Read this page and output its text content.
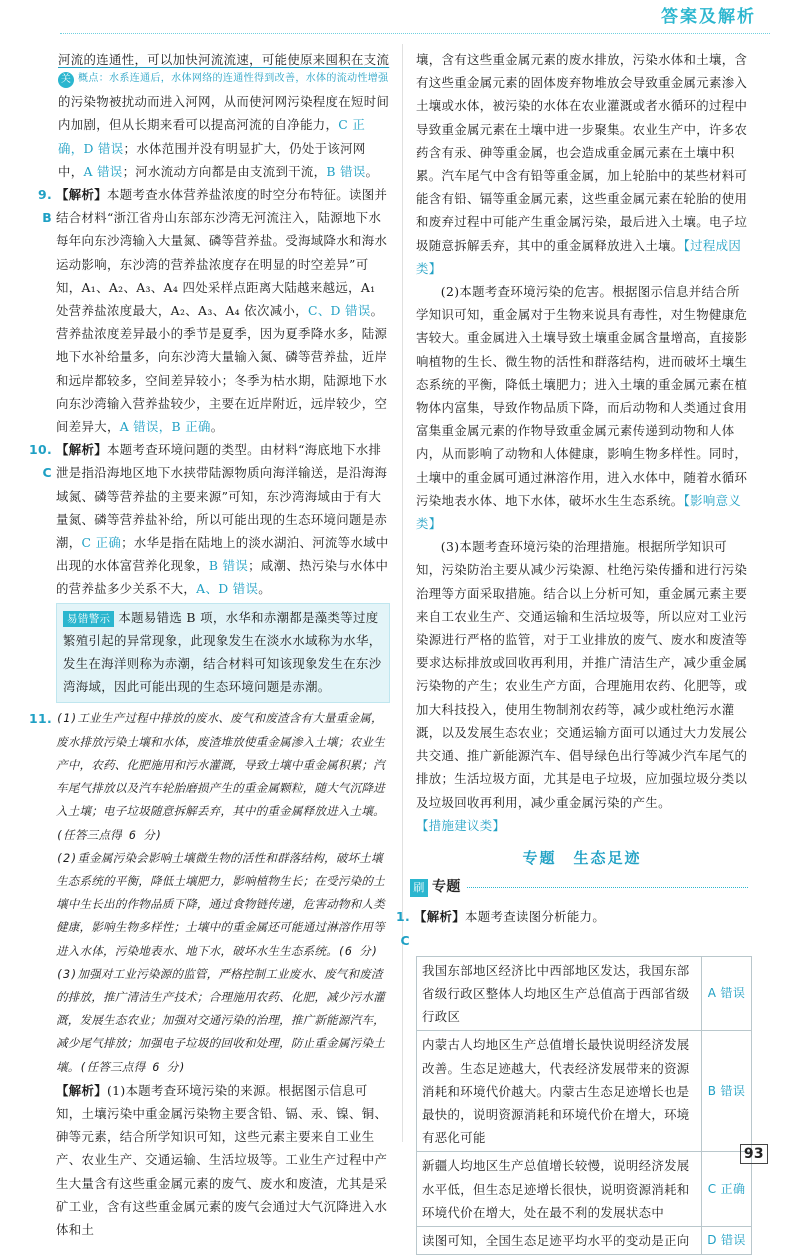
答案及解析

河流的连通性，可以加快河流流速，可能使原来囤积在支流

关 概点：水系连通后，水体网络的连通性得到改善，水体的流动性增强

的污染物被扰动而进入河网，从而使河网污染程度在短时间内加剧，但从长期来看可以提高河流的自净能力，C 正确，D 错误；水体范围并没有明显扩大，仍处于该河网中，A 错误；河水流动方向都是由支流到干流，B 错误。

9. B

【解析】本题考查水体营养盐浓度的时空分布特征。读图并结合材料“浙江省舟山东部东沙湾无河流注入，陆源地下水每年向东沙湾输入大量氮、磷等营养盐。受海域降水和海水运动影响，东沙湾的营养盐浓度存在明显的时空差异”可知，A₁、A₂、A₃、A₄ 四处采样点距离大陆越来越远，A₁ 处营养盐浓度最大，A₂、A₃、A₄ 依次减小，C、D 错误。营养盐浓度差异最小的季节是夏季，因为夏季降水多，陆源地下水补给量多，向东沙湾大量输入氮、磷等营养盐，近岸和远岸都较多，空间差异较小；冬季为枯水期，陆源地下水向东沙湾输入营养盐较少，主要在近岸附近，远岸较少，空间差异大，A 错误，B 正确。

10. C

【解析】本题考查环境问题的类型。由材料“海底地下水排泄是指沿海地区地下水挟带陆源物质向海洋输送，是沿海海域氮、磷等营养盐的主要来源”可知，东沙湾海域由于有大量氮、磷等营养盐补给，所以可能出现的生态环境问题是赤潮，C 正确；水华是指在陆地上的淡水湖泊、河流等水域中出现的水体富营养化现象，B 错误；咸潮、热污染与水体中的营养盐多少关系不大，A、D 错误。

易错警示 本题易错选 B 项，水华和赤潮都是藻类等过度繁殖引起的异常现象，此现象发生在淡水水域称为水华，发生在海洋则称为赤潮，结合材料可知该现象发生在东沙湾海域，因此可能出现的生态环境问题是赤潮。
11. (1)工业生产过程中排放的废水、废气和废渣含有大量重金属，废水排放污染土壤和水体，废渣堆放使重金属渗入土壤；农业生产中，农药、化肥施用和污水灌溉，导致土壤中重金属积累；汽车尾气排放以及汽车轮胎磨损产生的重金属颗粒，随大气沉降进入土壤；电子垃圾随意拆解丢弃，其中的重金属释放进入土壤。(任答三点得 6 分)

(2)重金属污染会影响土壤微生物的活性和群落结构，破坏土壤生态系统的平衡，降低土壤肥力，影响植物生长；在受污染的土壤中生长出的作物品质下降，通过食物链传递，危害动物和人类健康，影响生物多样性；土壤中的重金属还可能通过淋溶作用等进入水体，污染地表水、地下水，破坏水生生态系统。(6 分)

(3)加强对工业污染源的监管，严格控制工业废水、废气和废渣的排放，推广清洁生产技术；合理施用农药、化肥，减少污水灌溉，发展生态农业；加强对交通污染的治理，推广新能源汽车，减少尾气排放；加强电子垃圾的回收和处理，防止重金属污染土壤。(任答三点得 6 分)

【解析】(1)本题考查环境污染的来源。根据图示信息可知，土壤污染中重金属污染物主要含铅、镉、汞、镍、铜、砷等元素，结合所学知识可知，这些元素主要来自工业生产、农业生产、交通运输、生活垃圾等。工业生产过程中产生大量含有这些重金属元素的废气、废水和废渣，尤其是采矿工业，含有这些重金属元素的废气会通过大气沉降进入水体和土

壤，含有这些重金属元素的废水排放，污染水体和土壤，含有这些重金属元素的固体废弃物堆放会导致重金属元素渗入土壤或水体，被污染的水体在农业灌溉或者水循环的过程中导致重金属元素在土壤中进一步聚集。农业生产中，许多农药含有汞、砷等重金属，也会造成重金属元素在土壤中积累。汽车尾气中含有铅等重金属，加上轮胎中的某些材料可能含有铅、镉等重金属元素，这些重金属元素在轮胎的使用和废弃过程中可能产生重金属污染，最后进入土壤。电子垃圾随意拆解丢弃，其中的重金属释放进入土壤。【过程成因类】

(2)本题考查环境污染的危害。根据图示信息并结合所学知识可知，重金属对于生物来说具有毒性，对生物健康危害较大。重金属进入土壤导致土壤重金属含量增高，直接影响植物的生长、微生物的活性和群落结构，进而破坏土壤生态系统的平衡，降低土壤肥力；进入土壤的重金属元素在植物体内富集，导致作物品质下降，而后动物和人类通过食用富集重金属元素的作物导致重金属元素传递到动物和人体内，从而影响了动物和人体健康，影响生物多样性。同时，土壤中的重金属可通过淋溶作用，进入水体中，随着水循环污染地表水体、地下水体，破坏水生生态系统。【影响意义类】

(3)本题考查环境污染的治理措施。根据所学知识可知，污染防治主要从减少污染源、杜绝污染传播和进行污染治理等方面采取措施。结合以上分析可知，重金属元素主要来自工农业生产、交通运输和生活垃圾等，所以应对工业污染源进行严格的监管，对于工业排放的废气、废水和废渣等要求达标排放或回收再利用，并推广清洁生产，减少重金属污染物的产生；农业生产方面，合理施用农药、化肥等，或加大科技投入，使用生物制剂农药等，减少或杜绝污水灌溉，以及发展生态农业；交通运输方面可以通过大力发展公共交通、推广新能源汽车、倡导绿色出行等减少汽车尾气的排放；生活垃圾方面，尤其是电子垃圾，应加强垃圾分类以及垃圾回收再利用，减少重金属污染的产生。【措施建议类】

专题　生态足迹
刷 专题
1. C

【解析】本题考查读图分析能力。

我国东部地区经济比中西部地区发达，我国东部省级行政区整体人均地区生产总值高于西部省级行政区	A 错误
内蒙古人均地区生产总值增长最快说明经济发展改善。生态足迹越大，代表经济发展带来的资源消耗和环境代价越大。内蒙古生态足迹增长也是最快的，说明资源消耗和环境代价在增大，环境有恶化可能	B 错误
新疆人均地区生产总值增长较慢，说明经济发展水平低，但生态足迹增长很快，说明资源消耗和环境代价在增大，处在最不利的发展状态中	C 正确
读图可知，全国生态足迹平均水平的变动是正向	D 错误
93
